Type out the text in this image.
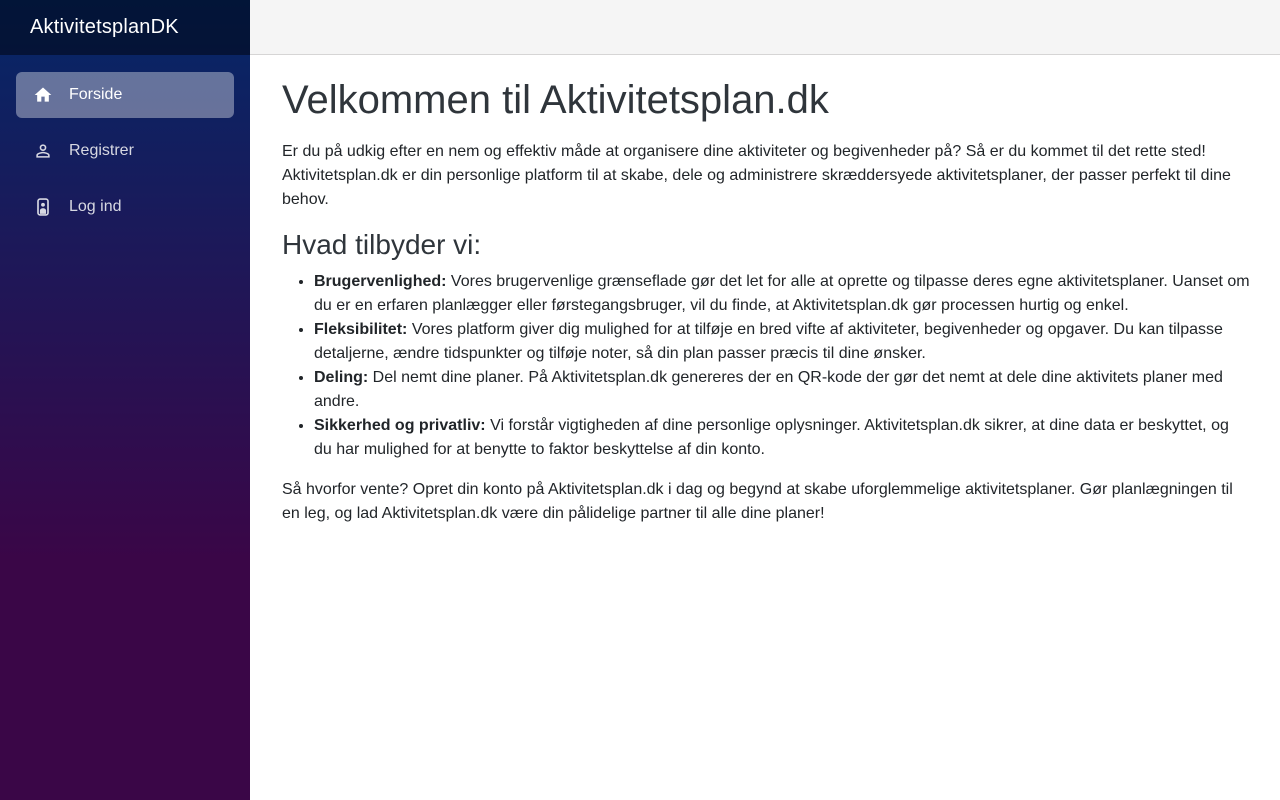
AktivitetsplanDK
Forside
Registrer
Log ind
Velkommen til Aktivitetsplan.dk

Er du på udkig efter en nem og effektiv måde at organisere dine aktiviteter og begivenheder på? Så er du kommet til det rette sted! Aktivitetsplan.dk er din personlige platform til at skabe, dele og administrere skræddersyede aktivitetsplaner, der passer perfekt til dine behov.

Hvad tilbyder vi:
• Brugervenlighed: Vores brugervenlige grænseflade gør det let for alle at oprette og tilpasse deres egne aktivitetsplaner. Uanset om du er en erfaren planlægger eller førstegangsbruger, vil du finde, at Aktivitetsplan.dk gør processen hurtig og enkel.
• Fleksibilitet: Vores platform giver dig mulighed for at tilføje en bred vifte af aktiviteter, begivenheder og opgaver. Du kan tilpasse detaljerne, ændre tidspunkter og tilføje noter, så din plan passer præcis til dine ønsker.
• Deling: Del nemt dine planer. På Aktivitetsplan.dk genereres der en QR-kode der gør det nemt at dele dine aktivitets planer med andre.
• Sikkerhed og privatliv: Vi forstår vigtigheden af dine personlige oplysninger. Aktivitetsplan.dk sikrer, at dine data er beskyttet, og du har mulighed for at benytte to faktor beskyttelse af din konto.

Så hvorfor vente? Opret din konto på Aktivitetsplan.dk i dag og begynd at skabe uforglemmelige aktivitetsplaner. Gør planlægningen til en leg, og lad Aktivitetsplan.dk være din pålidelige partner til alle dine planer!
